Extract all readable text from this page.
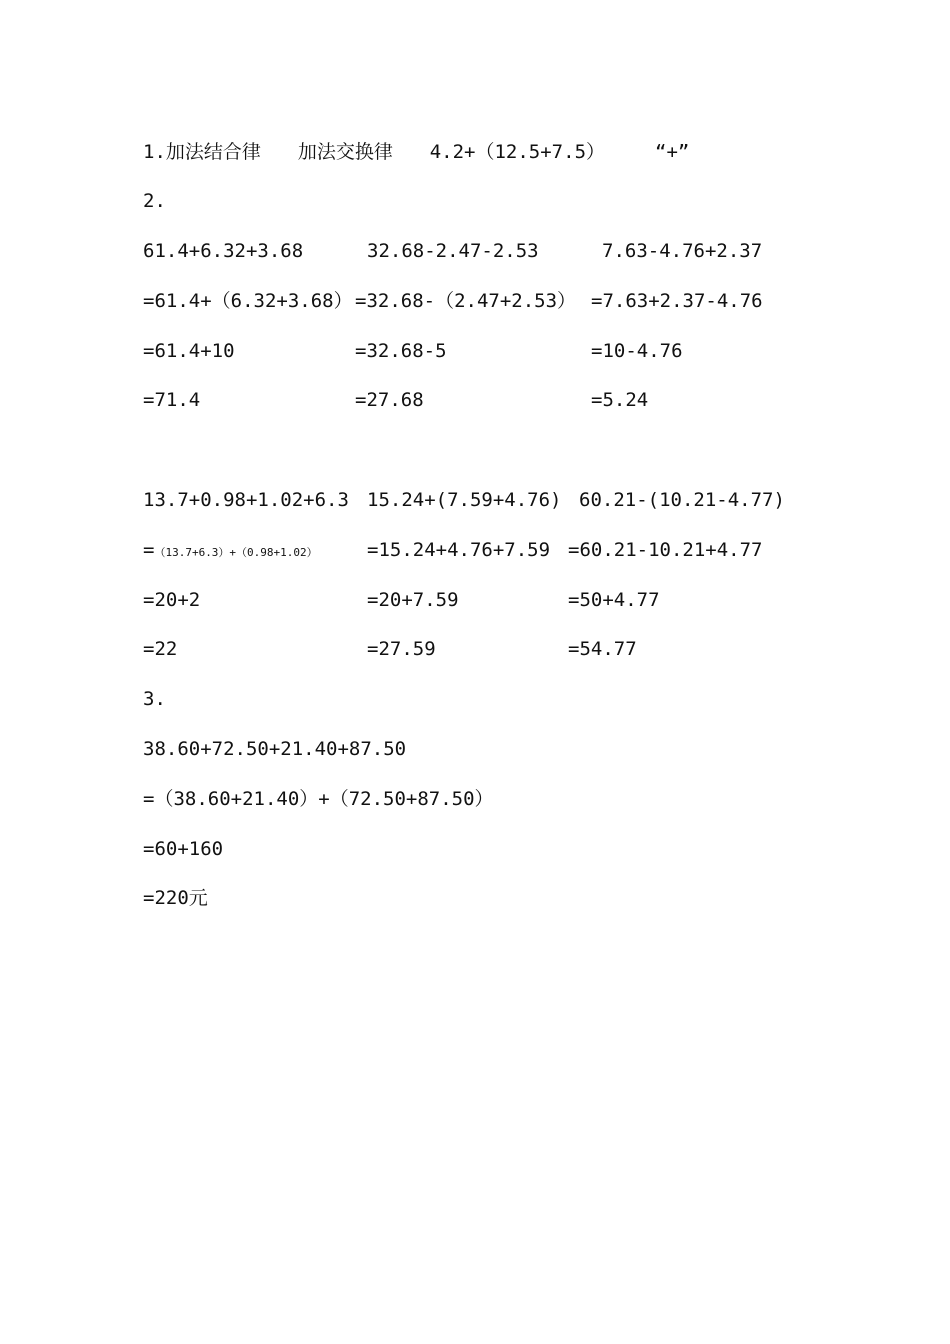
1.加法结合律 加法交换律 4.2+（12.5+7.5）	“+”
2.
61.4+6.32+3.68
=61.4+（6.32+3.68）
=61.4+10
=71.4
32.68-2.47-2.53
=32.68-（2.47+2.53）
=32.68-5
=27.68
7.63-4.76+2.37
=7.63+2.37-4.76
=10-4.76
=5.24
13.7+0.98+1.02+6.3
=（13.7+6.3）+（0.98+1.02）
=20+2
=22
15.24+(7.59+4.76)
=15.24+4.76+7.59
=20+7.59
=27.59
60.21-(10.21-4.77)
=60.21-10.21+4.77
=50+4.77
=54.77
3.
38.60+72.50+21.40+87.50
=（38.60+21.40）+（72.50+87.50）
=60+160
=220元
